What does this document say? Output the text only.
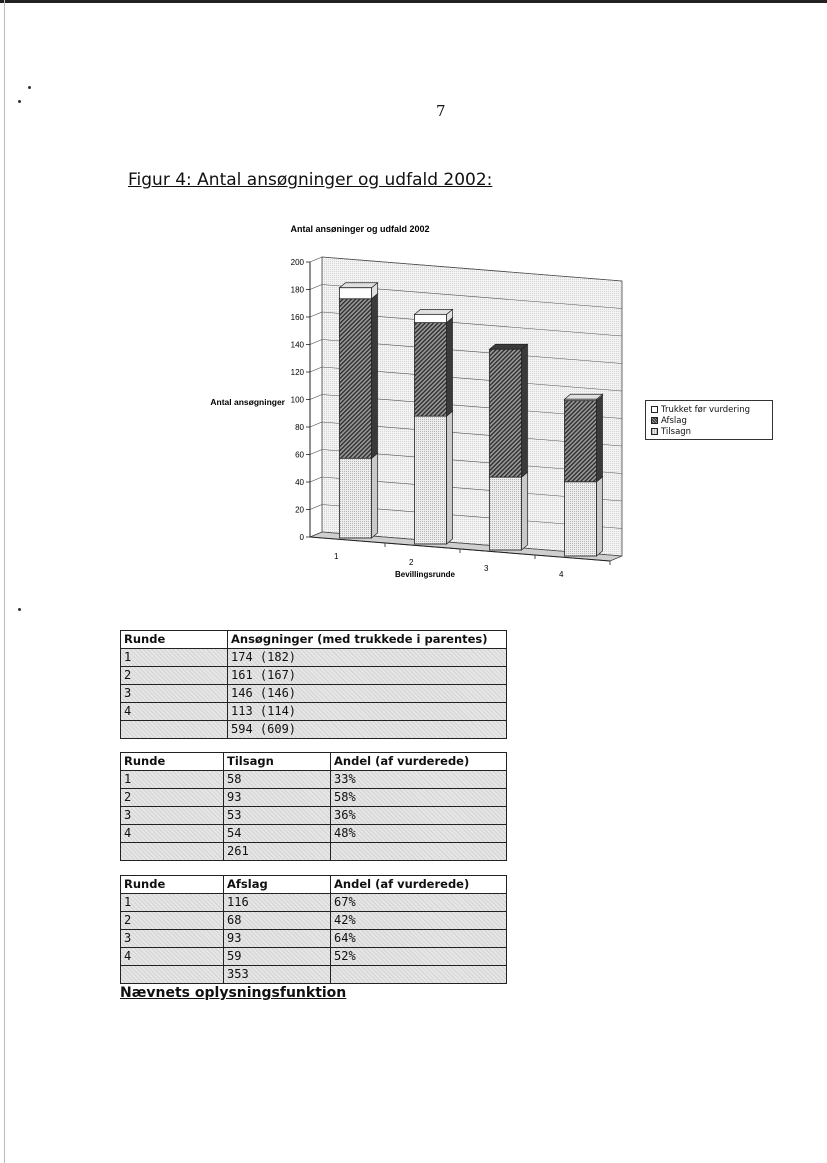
7
Figur 4: Antal ansøgninger og udfald 2002:
Antal ansøninger og udfald 2002
Antal ansøgninger
Bevillingsrunde
0
20
40
60
80
100
120
140
160
180
200
1
2
3
4
Trukket før vurdering
Afslag
Tilsagn
Runde	Ansøgninger (med trukkede i parentes)
1	174 (182)
2	161 (167)
3	146 (146)
4	113 (114)
	594 (609)
Runde	Tilsagn	Andel (af vurderede)
1	58	33%
2	93	58%
3	53	36%
4	54	48%
	261	
Runde	Afslag	Andel (af vurderede)
1	116	67%
2	68	42%
3	93	64%
4	59	52%
	353	
Nævnets oplysningsfunktion
